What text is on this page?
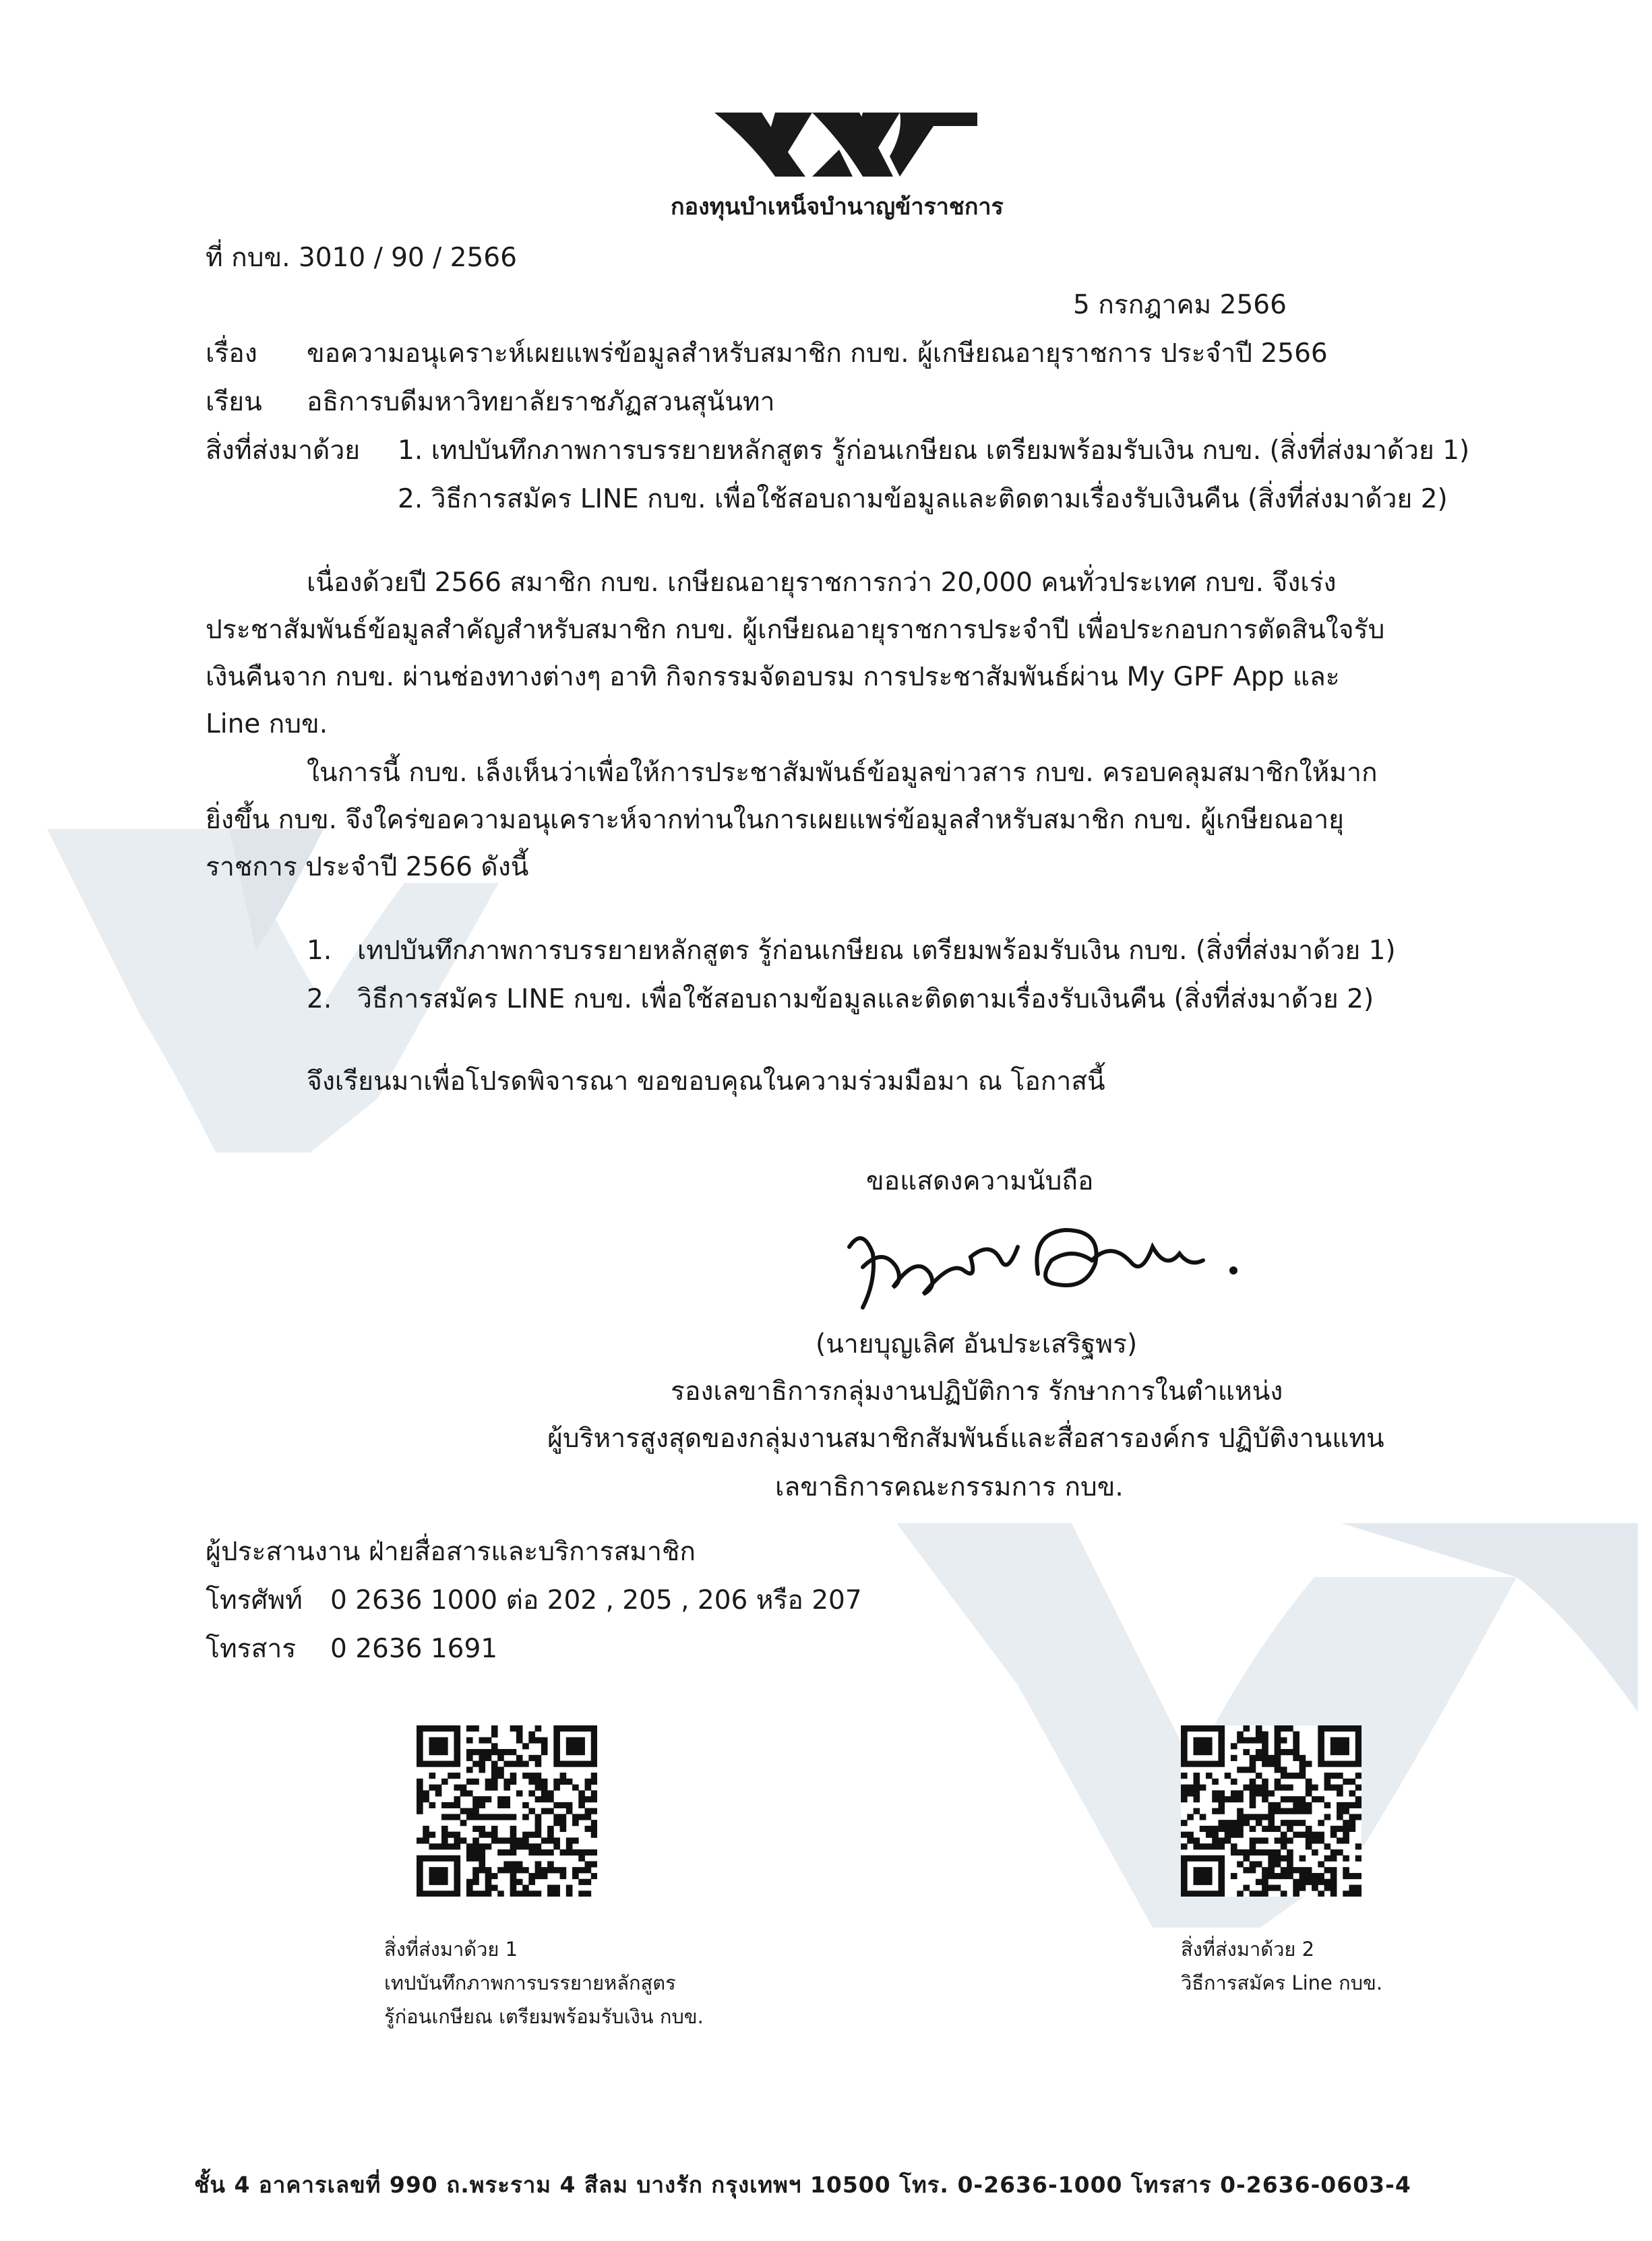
กองทุนบำเหน็จบำนาญข้าราชการ
ที่ กบข. 3010 / 90 / 2566
5 กรกฎาคม 2566
เรื่อง ขอความอนุเคราะห์เผยแพร่ข้อมูลสำหรับสมาชิก กบข. ผู้เกษียณอายุราชการ ประจำปี 2566
เรียน อธิการบดีมหาวิทยาลัยราชภัฏสวนสุนันทา
สิ่งที่ส่งมาด้วย 1. เทปบันทึกภาพการบรรยายหลักสูตร รู้ก่อนเกษียณ เตรียมพร้อมรับเงิน กบข. (สิ่งที่ส่งมาด้วย 1)
2. วิธีการสมัคร LINE กบข. เพื่อใช้สอบถามข้อมูลและติดตามเรื่องรับเงินคืน (สิ่งที่ส่งมาด้วย 2)
เนื่องด้วยปี 2566 สมาชิก กบข. เกษียณอายุราชการกว่า 20,000 คนทั่วประเทศ กบข. จึงเร่ง
ประชาสัมพันธ์ข้อมูลสำคัญสำหรับสมาชิก กบข. ผู้เกษียณอายุราชการประจำปี เพื่อประกอบการตัดสินใจรับ
เงินคืนจาก กบข. ผ่านช่องทางต่างๆ อาทิ กิจกรรมจัดอบรม การประชาสัมพันธ์ผ่าน My GPF App และ
Line กบข.
ในการนี้ กบข. เล็งเห็นว่าเพื่อให้การประชาสัมพันธ์ข้อมูลข่าวสาร กบข. ครอบคลุมสมาชิกให้มาก
ยิ่งขึ้น กบข. จึงใคร่ขอความอนุเคราะห์จากท่านในการเผยแพร่ข้อมูลสำหรับสมาชิก กบข. ผู้เกษียณอายุ
ราชการ ประจำปี 2566 ดังนี้
1. เทปบันทึกภาพการบรรยายหลักสูตร รู้ก่อนเกษียณ เตรียมพร้อมรับเงิน กบข. (สิ่งที่ส่งมาด้วย 1)
2. วิธีการสมัคร LINE กบข. เพื่อใช้สอบถามข้อมูลและติดตามเรื่องรับเงินคืน (สิ่งที่ส่งมาด้วย 2)
จึงเรียนมาเพื่อโปรดพิจารณา ขอขอบคุณในความร่วมมือมา ณ โอกาสนี้
ขอแสดงความนับถือ
(นายบุญเลิศ อันประเสริฐพร)
รองเลขาธิการกลุ่มงานปฏิบัติการ รักษาการในตำแหน่ง
ผู้บริหารสูงสุดของกลุ่มงานสมาชิกสัมพันธ์และสื่อสารองค์กร ปฏิบัติงานแทน
เลขาธิการคณะกรรมการ กบข.
ผู้ประสานงาน ฝ่ายสื่อสารและบริการสมาชิก
โทรศัพท์ 0 2636 1000 ต่อ 202 , 205 , 206 หรือ 207
โทรสาร 0 2636 1691
สิ่งที่ส่งมาด้วย 1
เทปบันทึกภาพการบรรยายหลักสูตร
รู้ก่อนเกษียณ เตรียมพร้อมรับเงิน กบข.
สิ่งที่ส่งมาด้วย 2
วิธีการสมัคร Line กบข.
ชั้น 4 อาคารเลขที่ 990 ถ.พระราม 4 สีลม บางรัก กรุงเทพฯ 10500 โทร. 0-2636-1000 โทรสาร 0-2636-0603-4
